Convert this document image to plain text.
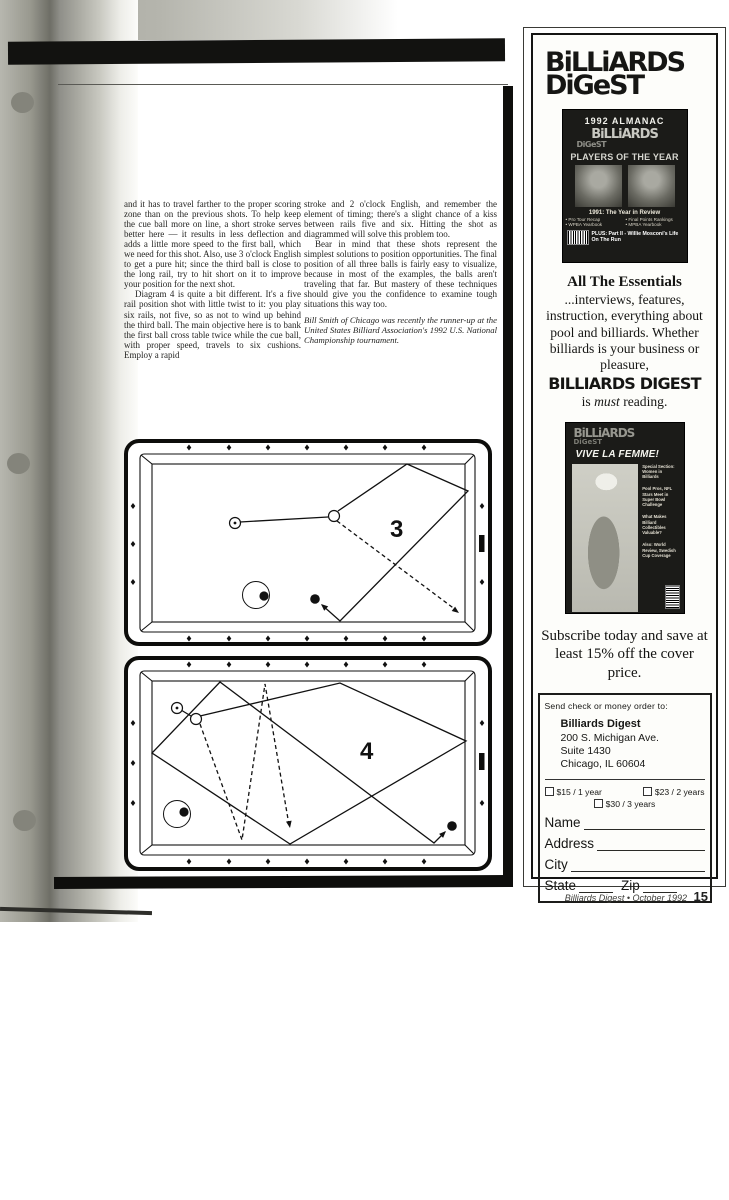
and it has to travel farther to the proper scoring zone than on the previous shots. To help keep the cue ball more on line, a short stroke serves better here — it results in less deflection and adds a little more speed to the first ball, which we need for this shot. Also, use 3 o'clock English to get a pure hit; since the third ball is close to the long rail, try to hit short on it to improve your position for the next shot.

Diagram 4 is quite a bit different. It's a five rail position shot with little twist to it: you play six rails, not five, so as not to wind up behind the third ball. The main objective here is to bank the first ball cross table twice while the cue ball, with proper speed, travels to six cushions. Employ a rapid

stroke and 2 o'clock English, and remember the element of timing; there's a slight chance of a kiss between rails five and six. Hitting the shot as diagrammed will solve this problem too.

Bear in mind that these shots represent the simplest solutions to position opportunities. The final position of all three balls is fairly easy to visualize, because in most of the examples, the balls aren't traveling that far. But mastery of these techniques should give you the confidence to examine tough situations this way too.

Bill Smith of Chicago was recently the runner-up at the United States Billiard Association's 1992 U.S. National Championship tournament.

3
4
BiLLiARDS
DiGeST
1992 ALMANAC
BiLLiARDS
DiGeST
PLAYERS OF THE YEAR
1991: The Year in Review
• Pro Tour Recap	• Final Points Rankings
• WPBA Yearbook	• MPBA Yearbook
PLUS: Part II - Willie Mosconi's Life On The Run
All The Essentials
...interviews, features, instruction, everything about pool and billiards. Whether billiards is your business or pleasure,
BILLIARDS DIGEST
is must reading.
BiLLiARDS
DiGeST
VIVE LA FEMME!
Special Section: Women in Billiards
Pool Pros, NFL Stars Meet in Super Bowl Challenge
What Makes Billiard Collectibles Valuable?
Also: World Review, Swedish Cup Coverage
Subscribe today and save at least 15% off the cover price.
Send check or money order to:
Billiards Digest
200 S. Michigan Ave.
Suite 1430
Chicago, IL 60604
$15 / 1 year	$23 / 2 years
$30 / 3 years
Name
Address
City
State	Zip
Billiards Digest • October 1992 15
